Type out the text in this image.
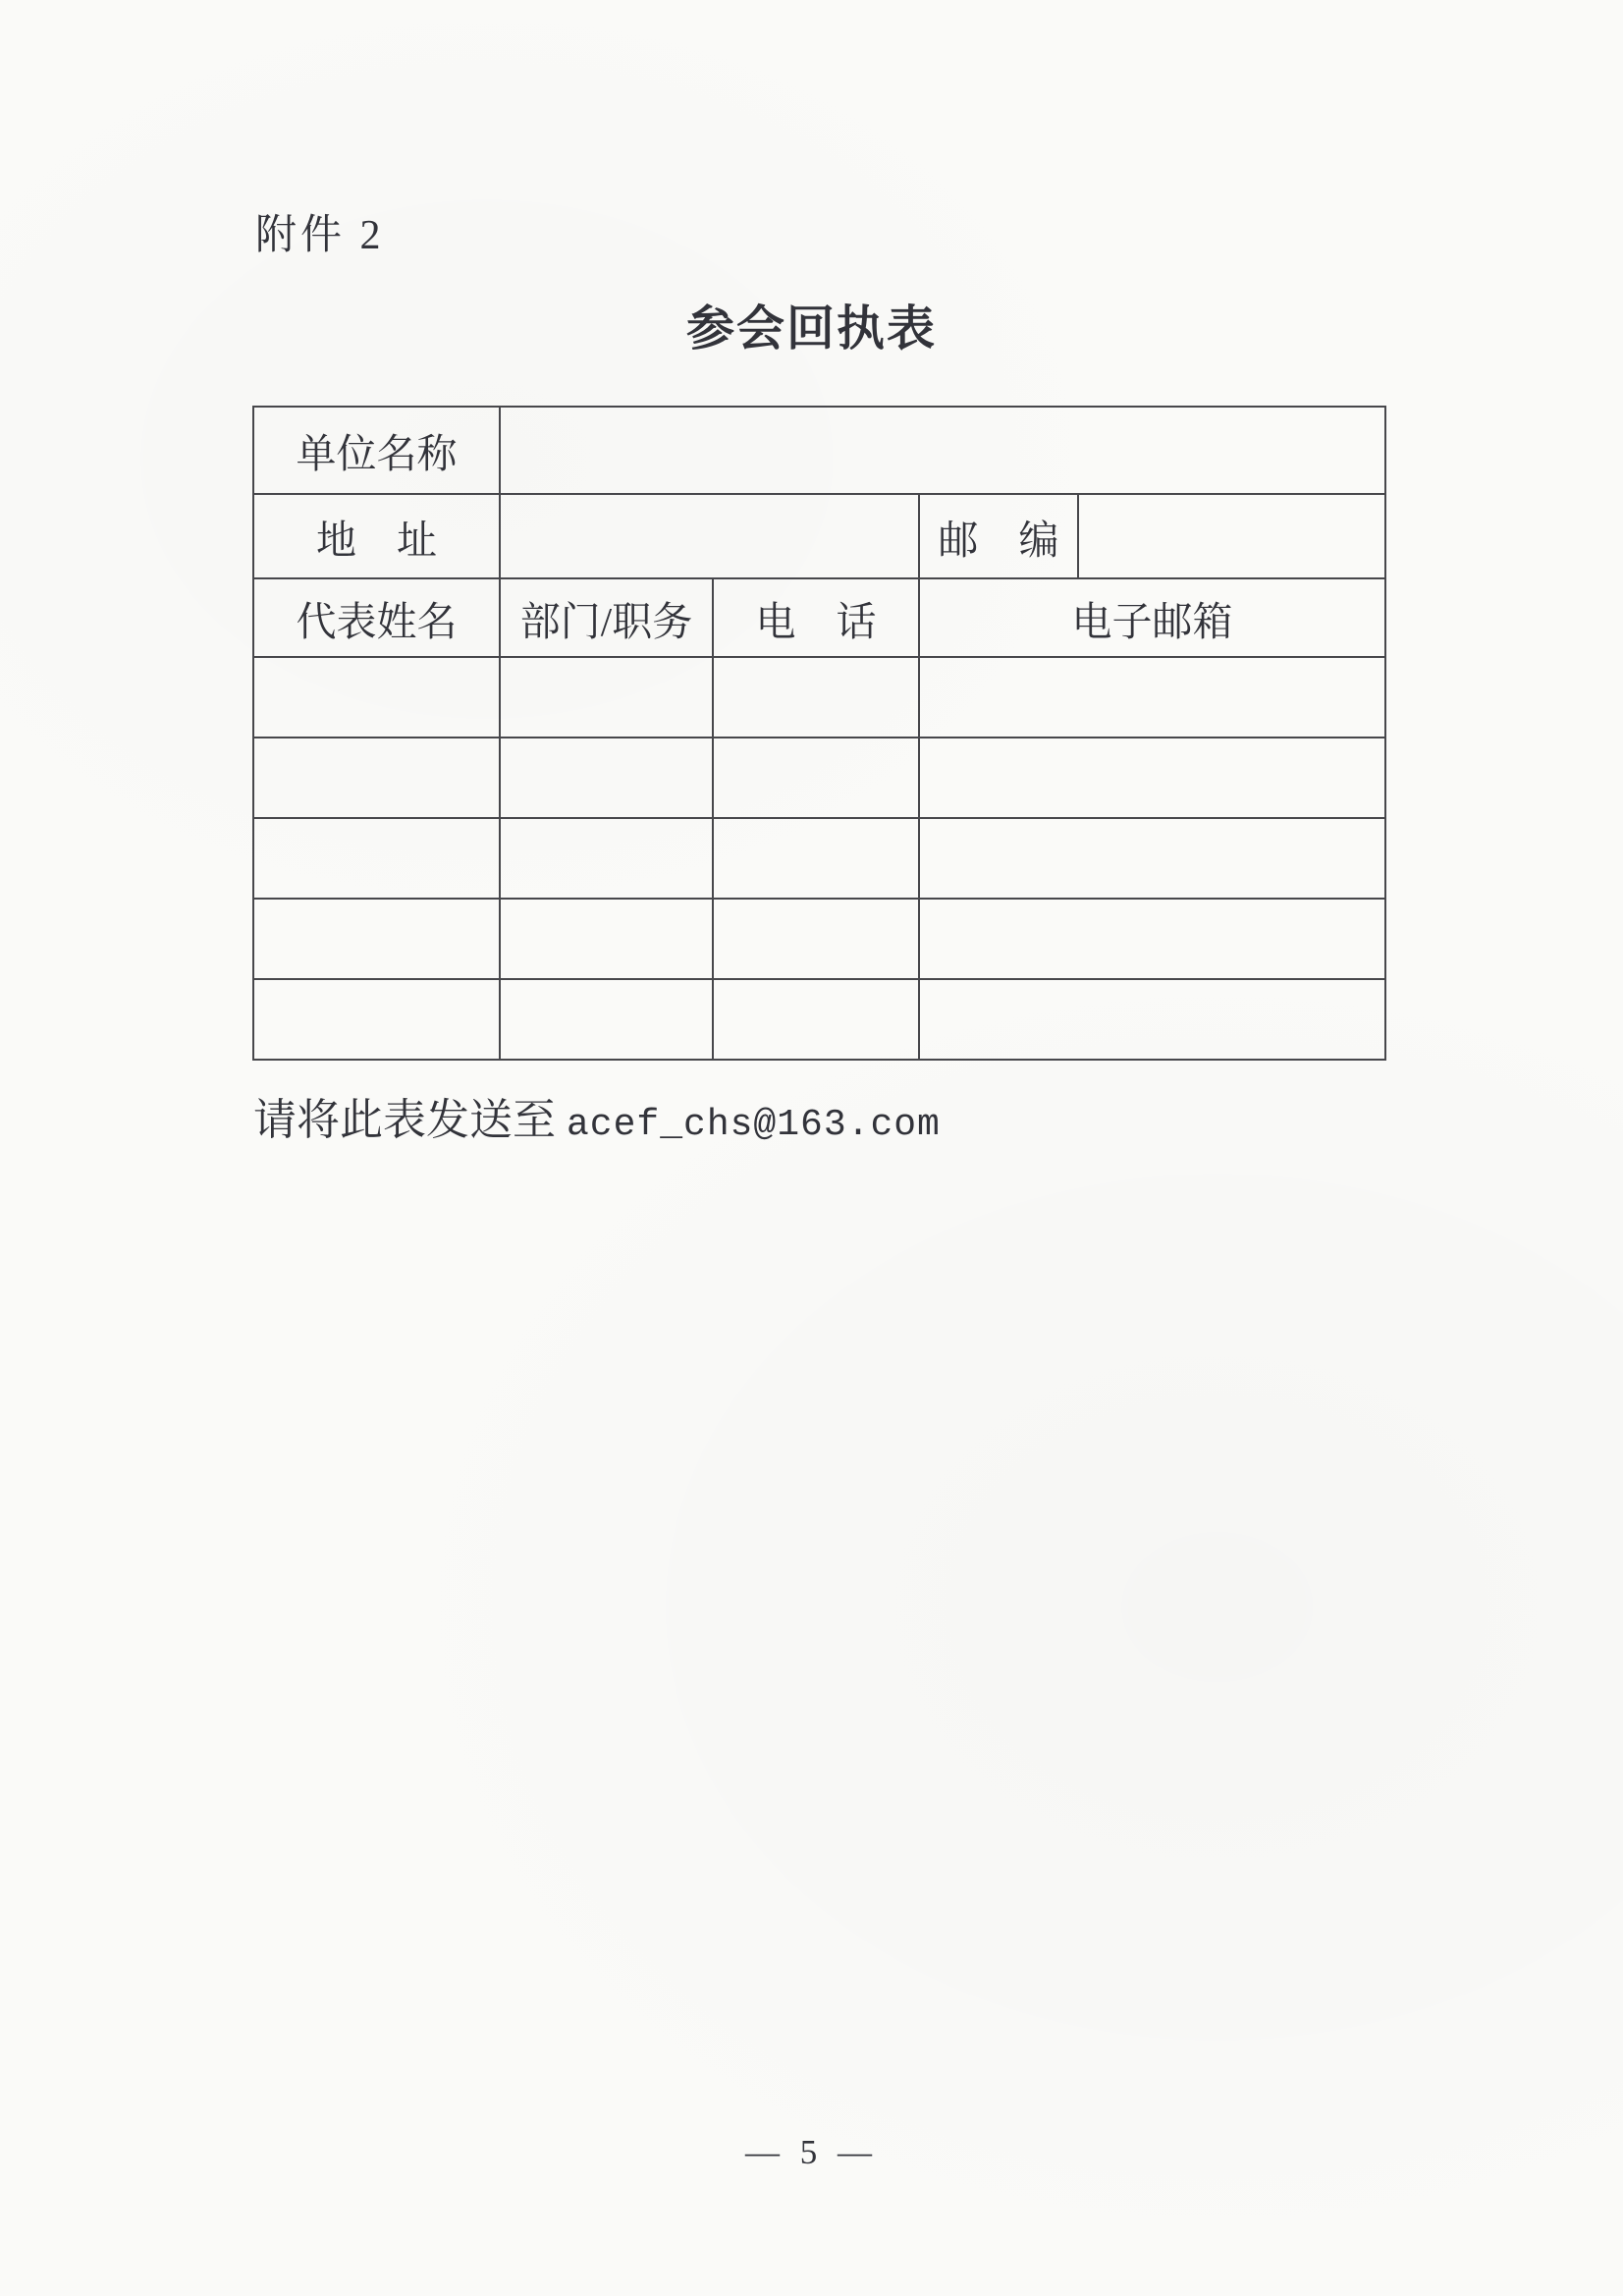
附件 2
参会回执表
单位名称				
地　址			邮　编	
代表姓名	部门/职务	电　话	电子邮箱	

请将此表发送至 acef_chs@163.com
— 5 —
